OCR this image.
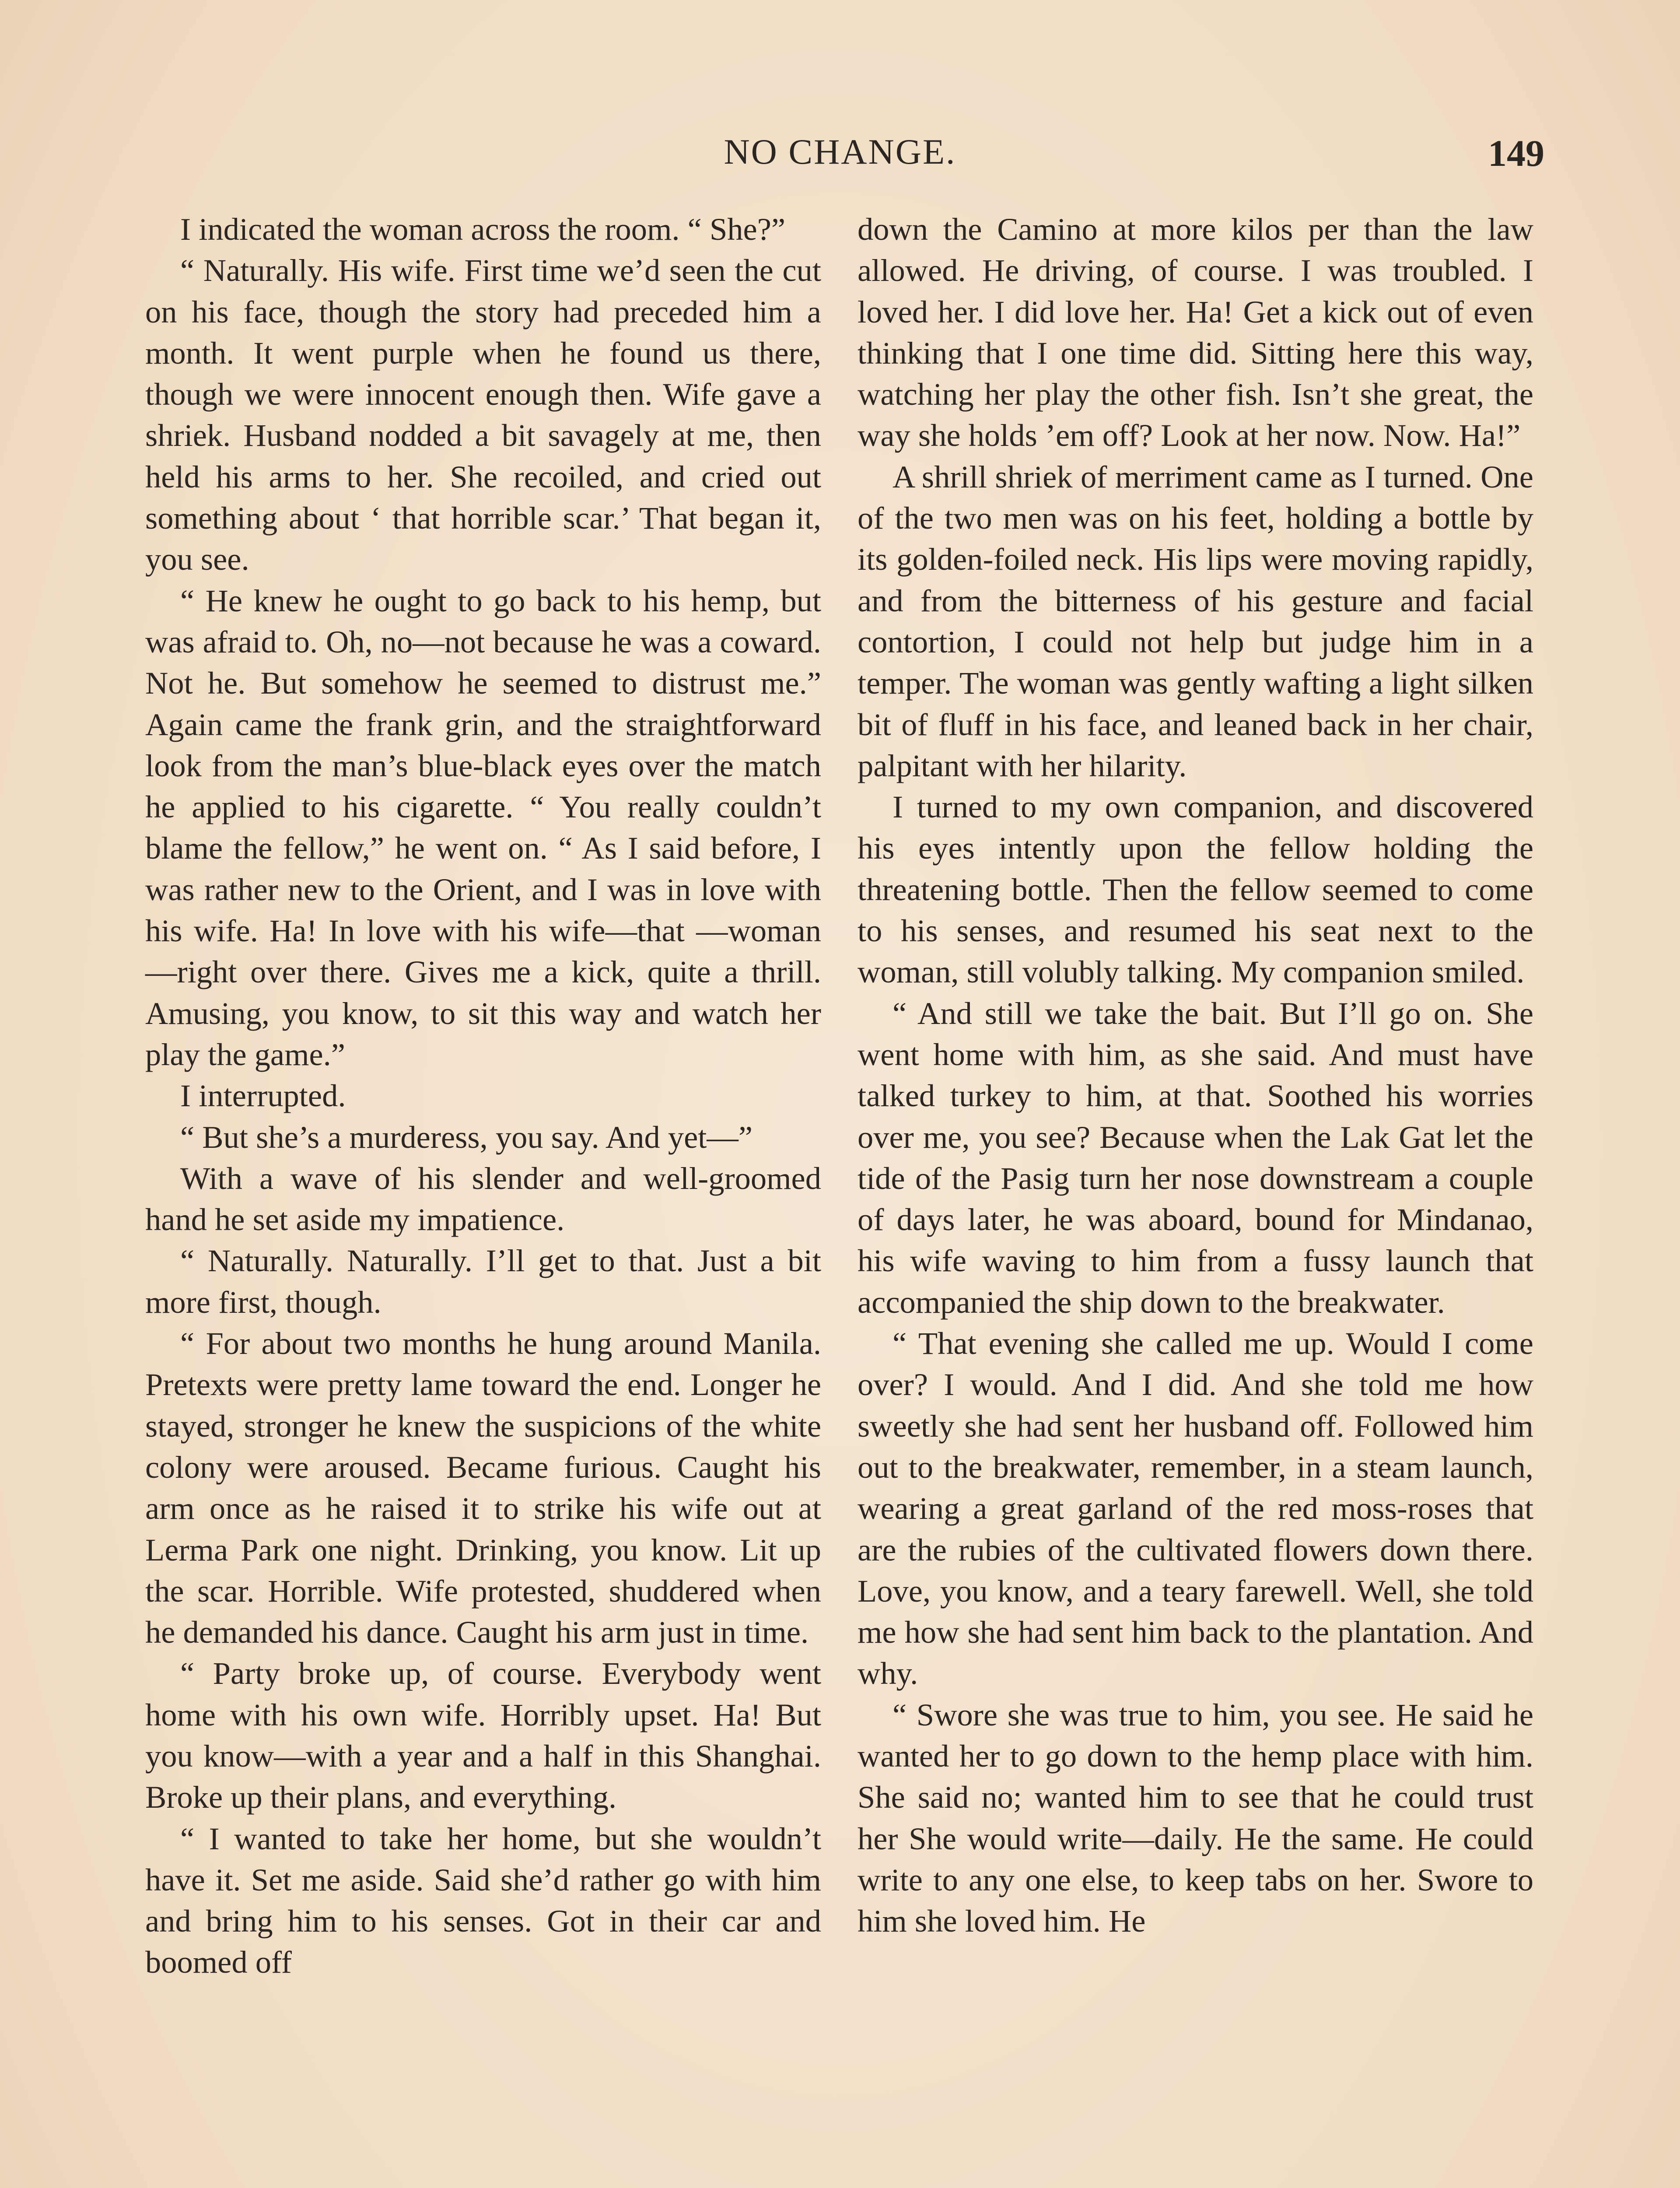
NO CHANGE.	149

I indicated the woman across the room. “ She?”

“ Naturally. His wife. First time we’d seen the cut on his face, though the story had preceded him a month. It went purple when he found us there, though we were innocent enough then. Wife gave a shriek. Husband nodded a bit savagely at me, then held his arms to her. She recoiled, and cried out something about ‘ that horrible scar.’ That began it, you see.

“ He knew he ought to go back to his hemp, but was afraid to. Oh, no—not because he was a coward. Not he. But somehow he seemed to distrust me.” Again came the frank grin, and the straightforward look from the man’s blue-black eyes over the match he applied to his cigarette. “ You really couldn’t blame the fellow,” he went on. “ As I said before, I was rather new to the Orient, and I was in love with his wife. Ha! In love with his wife—that —woman—right over there. Gives me a kick, quite a thrill. Amusing, you know, to sit this way and watch her play the game.”

I interrupted.

“ But she’s a murderess, you say. And yet—”

With a wave of his slender and well-groomed hand he set aside my impatience.

“ Naturally. Naturally. I’ll get to that. Just a bit more first, though.

“ For about two months he hung around Manila. Pretexts were pretty lame toward the end. Longer he stayed, stronger he knew the suspicions of the white colony were aroused. Became furious. Caught his arm once as he raised it to strike his wife out at Lerma Park one night. Drinking, you know. Lit up the scar. Horrible. Wife protested, shuddered when he demanded his dance. Caught his arm just in time.

“ Party broke up, of course. Everybody went home with his own wife. Horribly upset. Ha! But you know—with a year and a half in this Shanghai. Broke up their plans, and everything.

“ I wanted to take her home, but she wouldn’t have it. Set me aside. Said she’d rather go with him and bring him to his senses. Got in their car and boomed off

down the Camino at more kilos per than the law allowed. He driving, of course. I was troubled. I loved her. I did love her. Ha! Get a kick out of even thinking that I one time did. Sitting here this way, watching her play the other fish. Isn’t she great, the way she holds ’em off? Look at her now. Now. Ha!”

A shrill shriek of merriment came as I turned. One of the two men was on his feet, holding a bottle by its golden-foiled neck. His lips were moving rapidly, and from the bitterness of his gesture and facial contortion, I could not help but judge him in a temper. The woman was gently wafting a light silken bit of fluff in his face, and leaned back in her chair, palpitant with her hilarity.

I turned to my own companion, and discovered his eyes intently upon the fellow holding the threatening bottle. Then the fellow seemed to come to his senses, and resumed his seat next to the woman, still volubly talking. My companion smiled.

“ And still we take the bait. But I’ll go on. She went home with him, as she said. And must have talked turkey to him, at that. Soothed his worries over me, you see? Because when the Lak Gat let the tide of the Pasig turn her nose downstream a couple of days later, he was aboard, bound for Mindanao, his wife waving to him from a fussy launch that accompanied the ship down to the breakwater.

“ That evening she called me up. Would I come over? I would. And I did. And she told me how sweetly she had sent her husband off. Followed him out to the breakwater, remember, in a steam launch, wearing a great garland of the red moss-roses that are the rubies of the cultivated flowers down there. Love, you know, and a teary farewell. Well, she told me how she had sent him back to the plantation. And why.

“ Swore she was true to him, you see. He said he wanted her to go down to the hemp place with him. She said no; wanted him to see that he could trust her She would write—daily. He the same. He could write to any one else, to keep tabs on her. Swore to him she loved him. He
